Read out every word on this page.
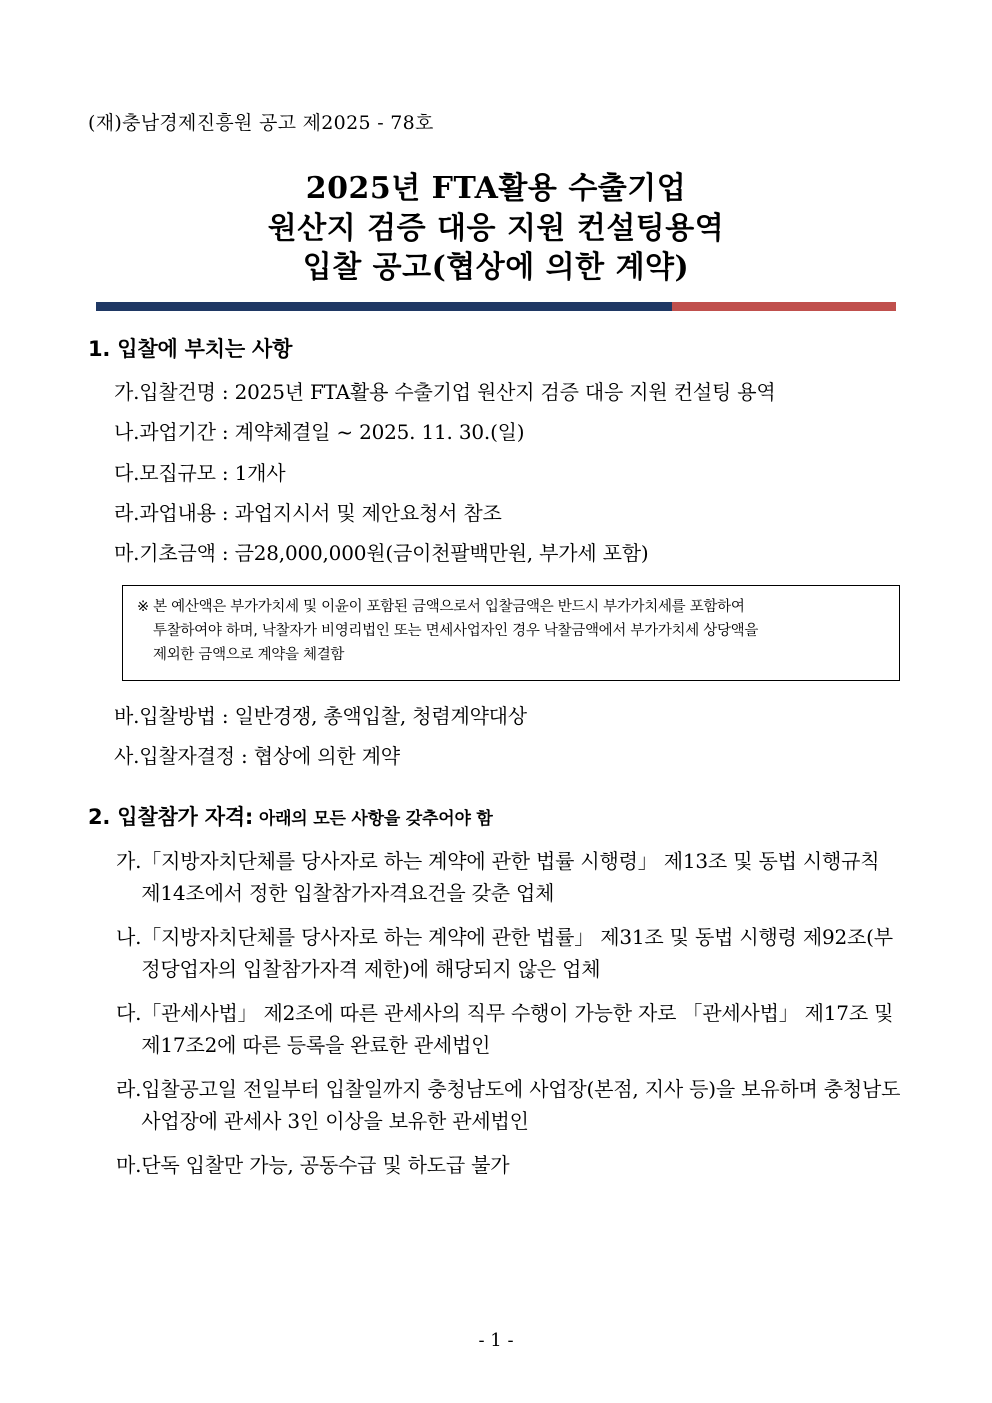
(재)충남경제진흥원 공고 제2025 - 78호
2025년 FTA활용 수출기업
원산지 검증 대응 지원 컨설팅용역
입찰 공고(협상에 의한 계약)
1. 입찰에 부치는 사항
가. 입찰건명 : 2025년 FTA활용 수출기업 원산지 검증 대응 지원 컨설팅 용역
나. 과업기간 : 계약체결일 ~ 2025. 11. 30.(일)
다. 모집규모 : 1개사
라. 과업내용 : 과업지시서 및 제안요청서 참조
마. 기초금액 : 금28,000,000원(금이천팔백만원, 부가세 포함)
※ 본 예산액은 부가가치세 및 이윤이 포함된 금액으로서 입찰금액은 반드시 부가가치세를 포함하여
투찰하여야 하며, 낙찰자가 비영리법인 또는 면세사업자인 경우 낙찰금액에서 부가가치세 상당액을
제외한 금액으로 계약을 체결함
바. 입찰방법 : 일반경쟁, 총액입찰, 청렴계약대상
사. 입찰자결정 : 협상에 의한 계약
2. 입찰참가 자격: 아래의 모든 사항을 갖추어야 함
가. 「지방자치단체를 당사자로 하는 계약에 관한 법률 시행령」 제13조 및 동법 시행규칙 제14조에서 정한 입찰참가자격요건을 갖춘 업체
나. 「지방자치단체를 당사자로 하는 계약에 관한 법률」 제31조 및 동법 시행령 제92조(부정당업자의 입찰참가자격 제한)에 해당되지 않은 업체
다. 「관세사법」 제2조에 따른 관세사의 직무 수행이 가능한 자로 「관세사법」 제17조 및 제17조2에 따른 등록을 완료한 관세법인
라. 입찰공고일 전일부터 입찰일까지 충청남도에 사업장(본점, 지사 등)을 보유하며 충청남도 사업장에 관세사 3인 이상을 보유한 관세법인
마. 단독 입찰만 가능, 공동수급 및 하도급 불가
- 1 -
